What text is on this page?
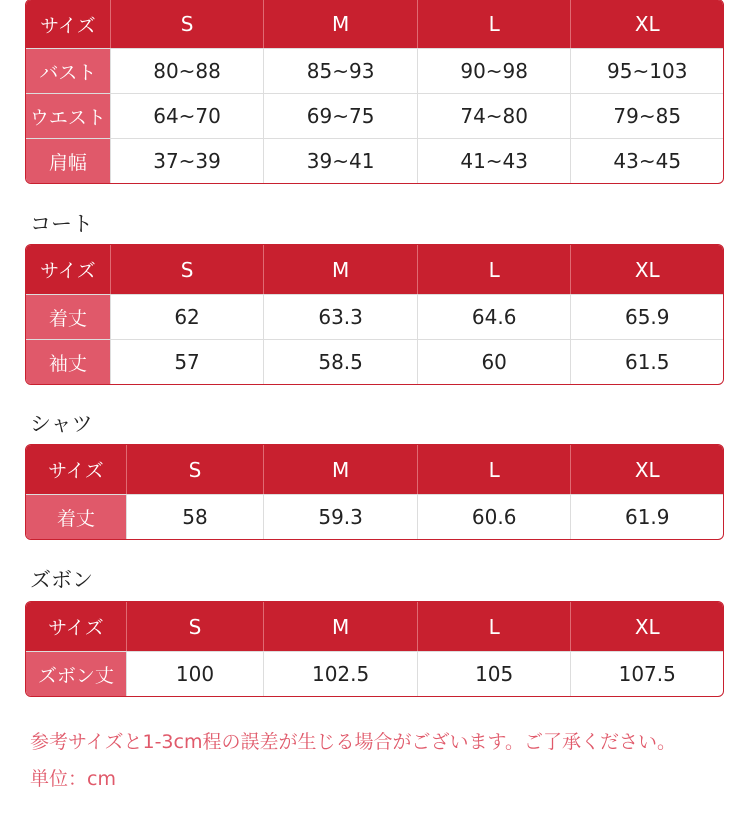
サイズ	S	M	L	XL
バスト	80~88	85~93	90~98	95~103
ウエスト	64~70	69~75	74~80	79~85
肩幅	37~39	39~41	41~43	43~45
サイズ	S	M	L	XL
着丈	62	63.3	64.6	65.9
袖丈	57	58.5	60	61.5
サイズ	S	M	L	XL
着丈	58	59.3	60.6	61.9
サイズ	S	M	L	XL
ズボン丈	100	102.5	105	107.5
参考サイズと1-3cm程の誤差が生じる場合がございます。ご了承ください。
単位：cm
コート
シャツ
ズボン
